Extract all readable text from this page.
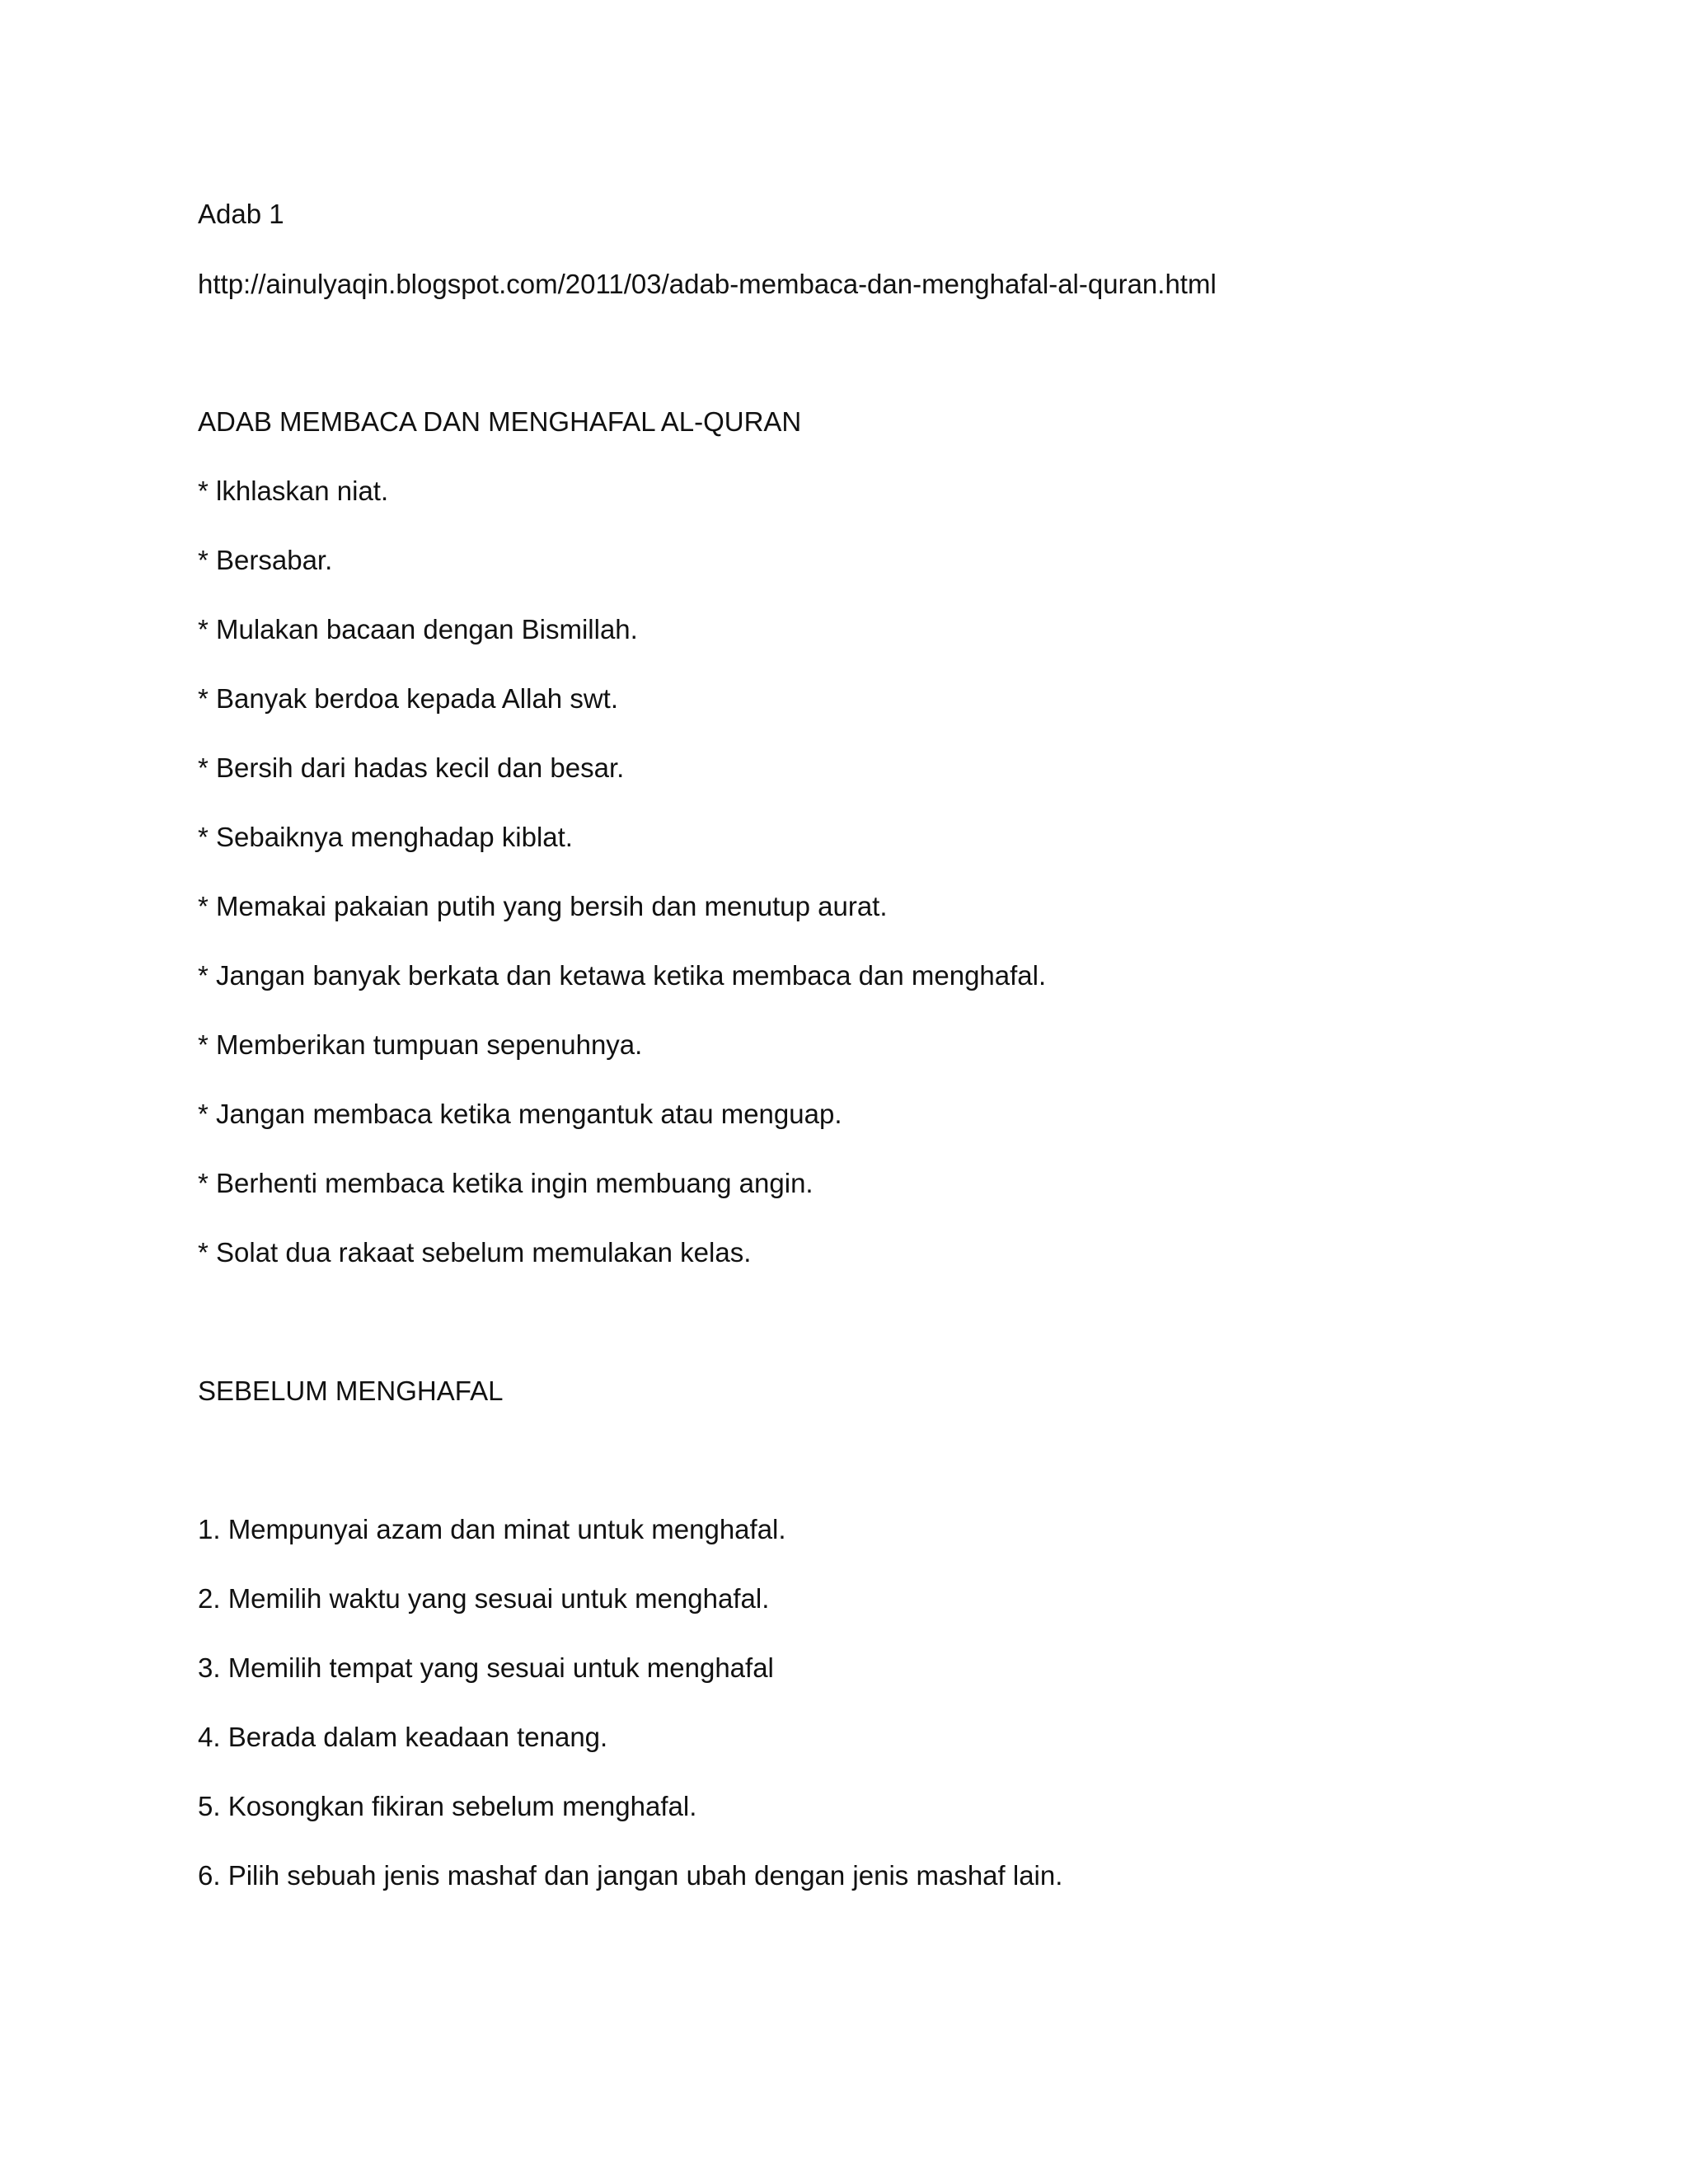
Adab 1

http://ainulyaqin.blogspot.com/2011/03/adab-membaca-dan-menghafal-al-quran.html
ADAB MEMBACA DAN MENGHAFAL AL-QURAN

* lkhlaskan niat.

* Bersabar.

* Mulakan bacaan dengan Bismillah.

* Banyak berdoa kepada Allah swt.

* Bersih dari hadas kecil dan besar.

* Sebaiknya menghadap kiblat.

* Memakai pakaian putih yang bersih dan menutup aurat.

* Jangan banyak berkata dan ketawa ketika membaca dan menghafal.

* Memberikan tumpuan sepenuhnya.

* Jangan membaca ketika mengantuk atau menguap.

* Berhenti membaca ketika ingin membuang angin.

* Solat dua rakaat sebelum memulakan kelas.

SEBELUM MENGHAFAL

1. Mempunyai azam dan minat untuk menghafal.

2. Memilih waktu yang sesuai untuk menghafal.

3. Memilih tempat yang sesuai untuk menghafal

4. Berada dalam keadaan tenang.

5. Kosongkan fikiran sebelum menghafal.

6. Pilih sebuah jenis mashaf dan jangan ubah dengan jenis mashaf lain.
